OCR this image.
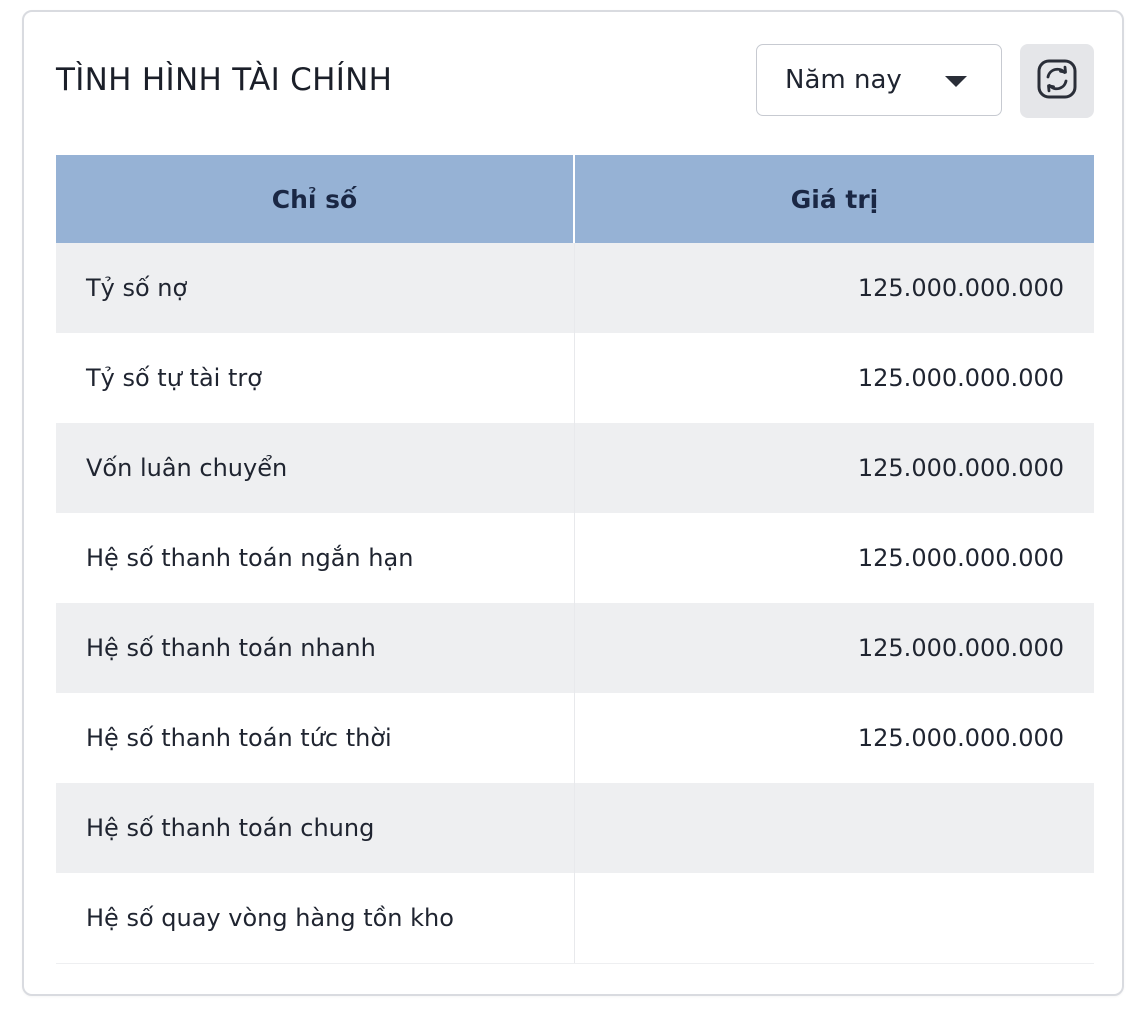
TÌNH HÌNH TÀI CHÍNH	Năm nay
Chỉ số	Giá trị
Tỷ số nợ	125.000.000.000
Tỷ số tự tài trợ	125.000.000.000
Vốn luân chuyển	125.000.000.000
Hệ số thanh toán ngắn hạn	125.000.000.000
Hệ số thanh toán nhanh	125.000.000.000
Hệ số thanh toán tức thời	125.000.000.000
Hệ số thanh toán chung	
Hệ số quay vòng hàng tồn kho	
